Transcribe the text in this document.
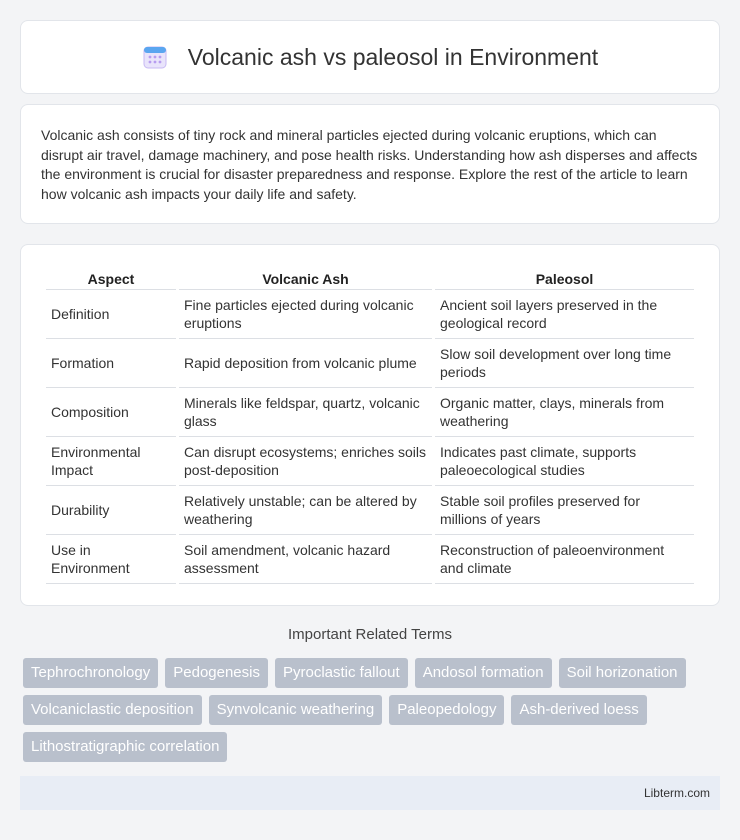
Volcanic ash vs paleosol in Environment

Volcanic ash consists of tiny rock and mineral particles ejected during volcanic eruptions, which can disrupt air travel, damage machinery, and pose health risks. Understanding how ash disperses and affects the environment is crucial for disaster preparedness and response. Explore the rest of the article to learn how volcanic ash impacts your daily life and safety.

Aspect	Volcanic Ash	Paleosol
Definition	Fine particles ejected during volcanic eruptions	Ancient soil layers preserved in the geological record
Formation	Rapid deposition from volcanic plume	Slow soil development over long time periods
Composition	Minerals like feldspar, quartz, volcanic glass	Organic matter, clays, minerals from weathering
Environmental Impact	Can disrupt ecosystems; enriches soils post-deposition	Indicates past climate, supports paleoecological studies
Durability	Relatively unstable; can be altered by weathering	Stable soil profiles preserved for millions of years
Use in Environment	Soil amendment, volcanic hazard assessment	Reconstruction of paleoenvironment and climate
Important Related Terms
Tephrochronology	Pedogenesis	Pyroclastic fallout	Andosol formation	Soil horizonation
Volcaniclastic deposition	Synvolcanic weathering	Paleopedology	Ash-derived loess
Lithostratigraphic correlation
Libterm.com
